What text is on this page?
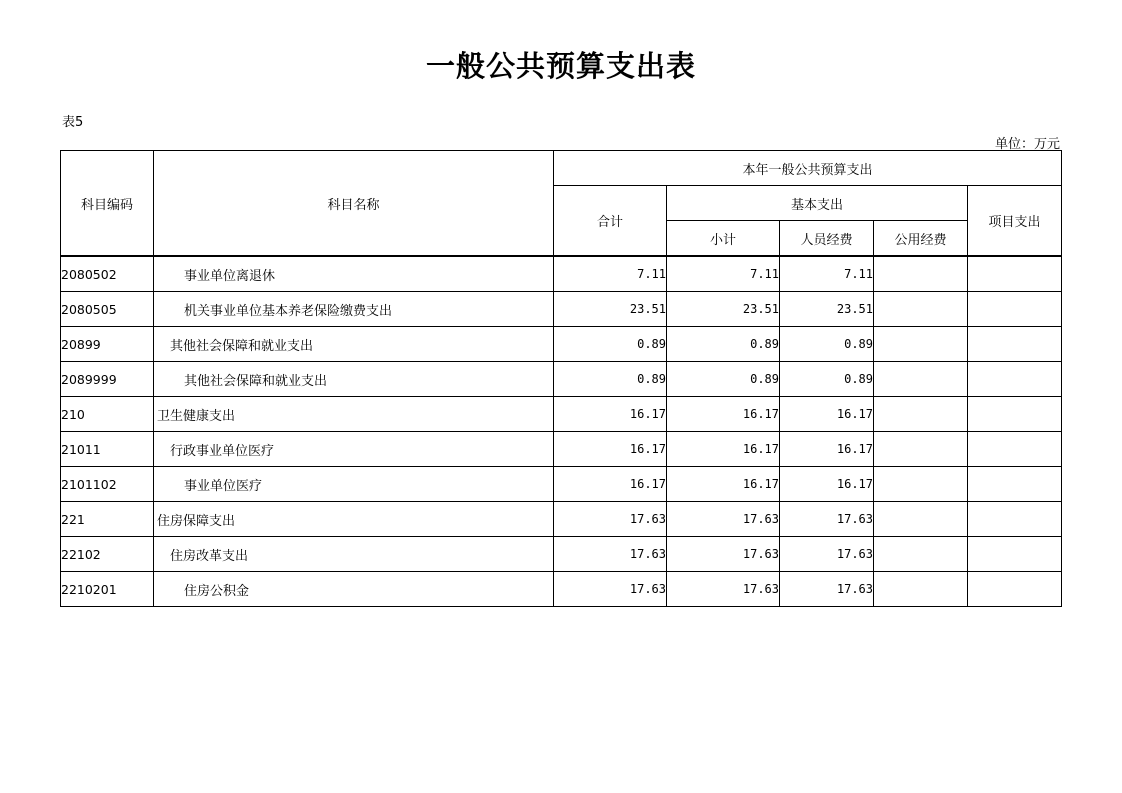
一般公共预算支出表
表5
单位：万元
科目编码	科目名称	本年一般公共预算支出				
		合计	基本支出			项目支出
			小计	人员经费	公用经费	
2080502	事业单位离退休	7.11	7.11	7.11		
2080505	机关事业单位基本养老保险缴费支出	23.51	23.51	23.51		
20899	其他社会保障和就业支出	0.89	0.89	0.89		
2089999	其他社会保障和就业支出	0.89	0.89	0.89		
210	卫生健康支出	16.17	16.17	16.17		
21011	行政事业单位医疗	16.17	16.17	16.17		
2101102	事业单位医疗	16.17	16.17	16.17		
221	住房保障支出	17.63	17.63	17.63		
22102	住房改革支出	17.63	17.63	17.63		
2210201	住房公积金	17.63	17.63	17.63		
